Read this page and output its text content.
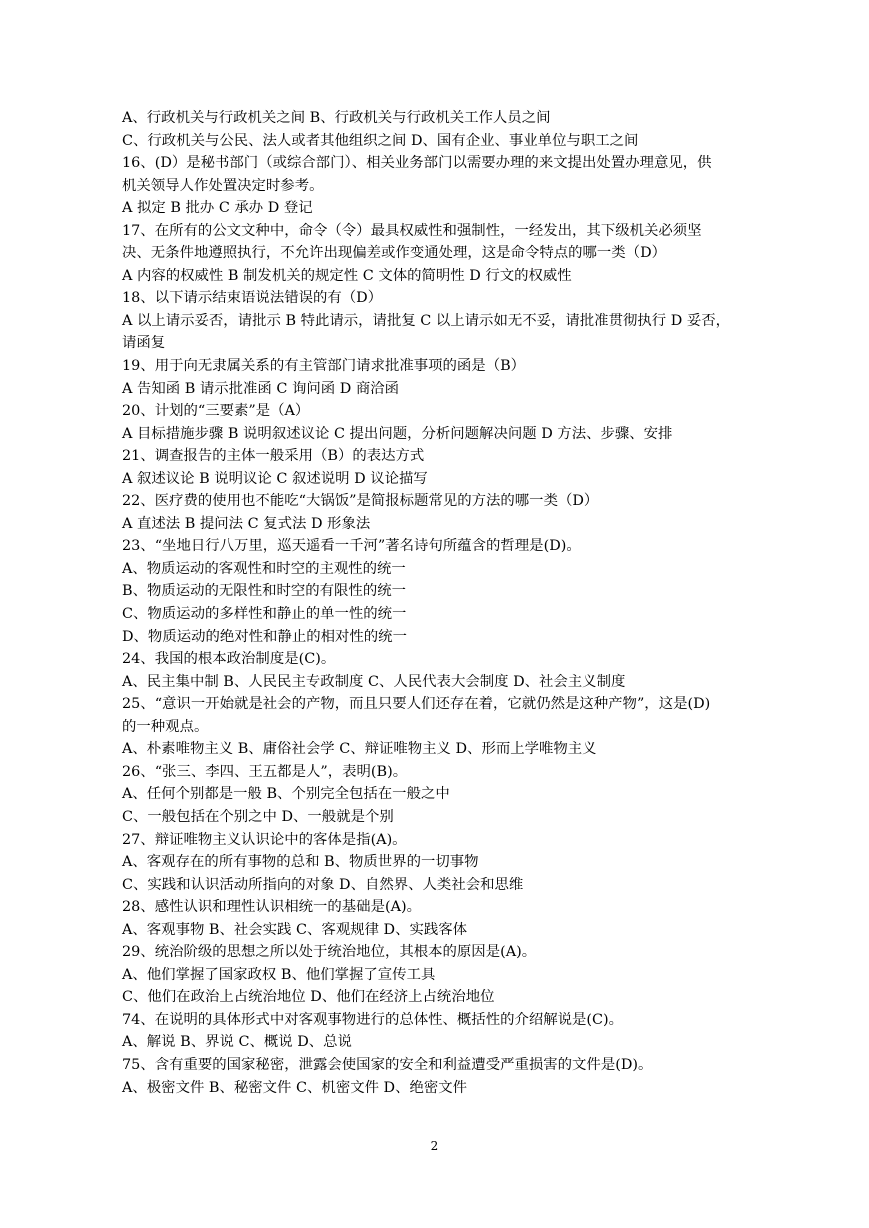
A、行政机关与行政机关之间 B、行政机关与行政机关工作人员之间
C、行政机关与公民、法人或者其他组织之间 D、国有企业、事业单位与职工之间
16、(D）是秘书部门（或综合部门）、相关业务部门以需要办理的来文提出处置办理意见，供
机关领导人作处置决定时参考。
A 拟定 B 批办 C 承办 D 登记
17、在所有的公文文种中，命令（令）最具权威性和强制性，一经发出，其下级机关必须坚
决、无条件地遵照执行，不允许出现偏差或作变通处理，这是命令特点的哪一类（D）
A 内容的权威性 B 制发机关的规定性 C 文体的简明性 D 行文的权威性
18、以下请示结束语说法错误的有（D）
A 以上请示妥否，请批示 B 特此请示，请批复 C 以上请示如无不妥，请批准贯彻执行 D 妥否，
请函复
19、用于向无隶属关系的有主管部门请求批准事项的函是（B）
A 告知函 B 请示批准函 C 询问函 D 商洽函
20、计划的“三要素”是（A）
A 目标措施步骤 B 说明叙述议论 C 提出问题，分析问题解决问题 D 方法、步骤、安排
21、调查报告的主体一般采用（B）的表达方式
A 叙述议论 B 说明议论 C 叙述说明 D 议论描写
22、医疗费的使用也不能吃“大锅饭”是简报标题常见的方法的哪一类（D）
A 直述法 B 提问法 C 复式法 D 形象法
23、“坐地日行八万里，巡天遥看一千河”著名诗句所蕴含的哲理是(D)。
A、物质运动的客观性和时空的主观性的统一
B、物质运动的无限性和时空的有限性的统一
C、物质运动的多样性和静止的单一性的统一
D、物质运动的绝对性和静止的相对性的统一
24、我国的根本政治制度是(C)。
A、民主集中制 B、人民民主专政制度 C、人民代表大会制度 D、社会主义制度
25、“意识一开始就是社会的产物，而且只要人们还存在着，它就仍然是这种产物”，这是(D)
的一种观点。
A、朴素唯物主义 B、庸俗社会学 C、辩证唯物主义 D、形而上学唯物主义
26、“张三、李四、王五都是人”，表明(B)。
A、任何个别都是一般 B、个别完全包括在一般之中
C、一般包括在个别之中 D、一般就是个别
27、辩证唯物主义认识论中的客体是指(A)。
A、客观存在的所有事物的总和 B、物质世界的一切事物
C、实践和认识活动所指向的对象 D、自然界、人类社会和思维
28、感性认识和理性认识相统一的基础是(A)。
A、客观事物 B、社会实践 C、客观规律 D、实践客体
29、统治阶级的思想之所以处于统治地位，其根本的原因是(A)。
A、他们掌握了国家政权 B、他们掌握了宣传工具
C、他们在政治上占统治地位 D、他们在经济上占统治地位
74、在说明的具体形式中对客观事物进行的总体性、概括性的介绍解说是(C)。
A、解说 B、界说 C、概说 D、总说
75、含有重要的国家秘密，泄露会使国家的安全和利益遭受严重损害的文件是(D)。
A、极密文件 B、秘密文件 C、机密文件 D、绝密文件
2
